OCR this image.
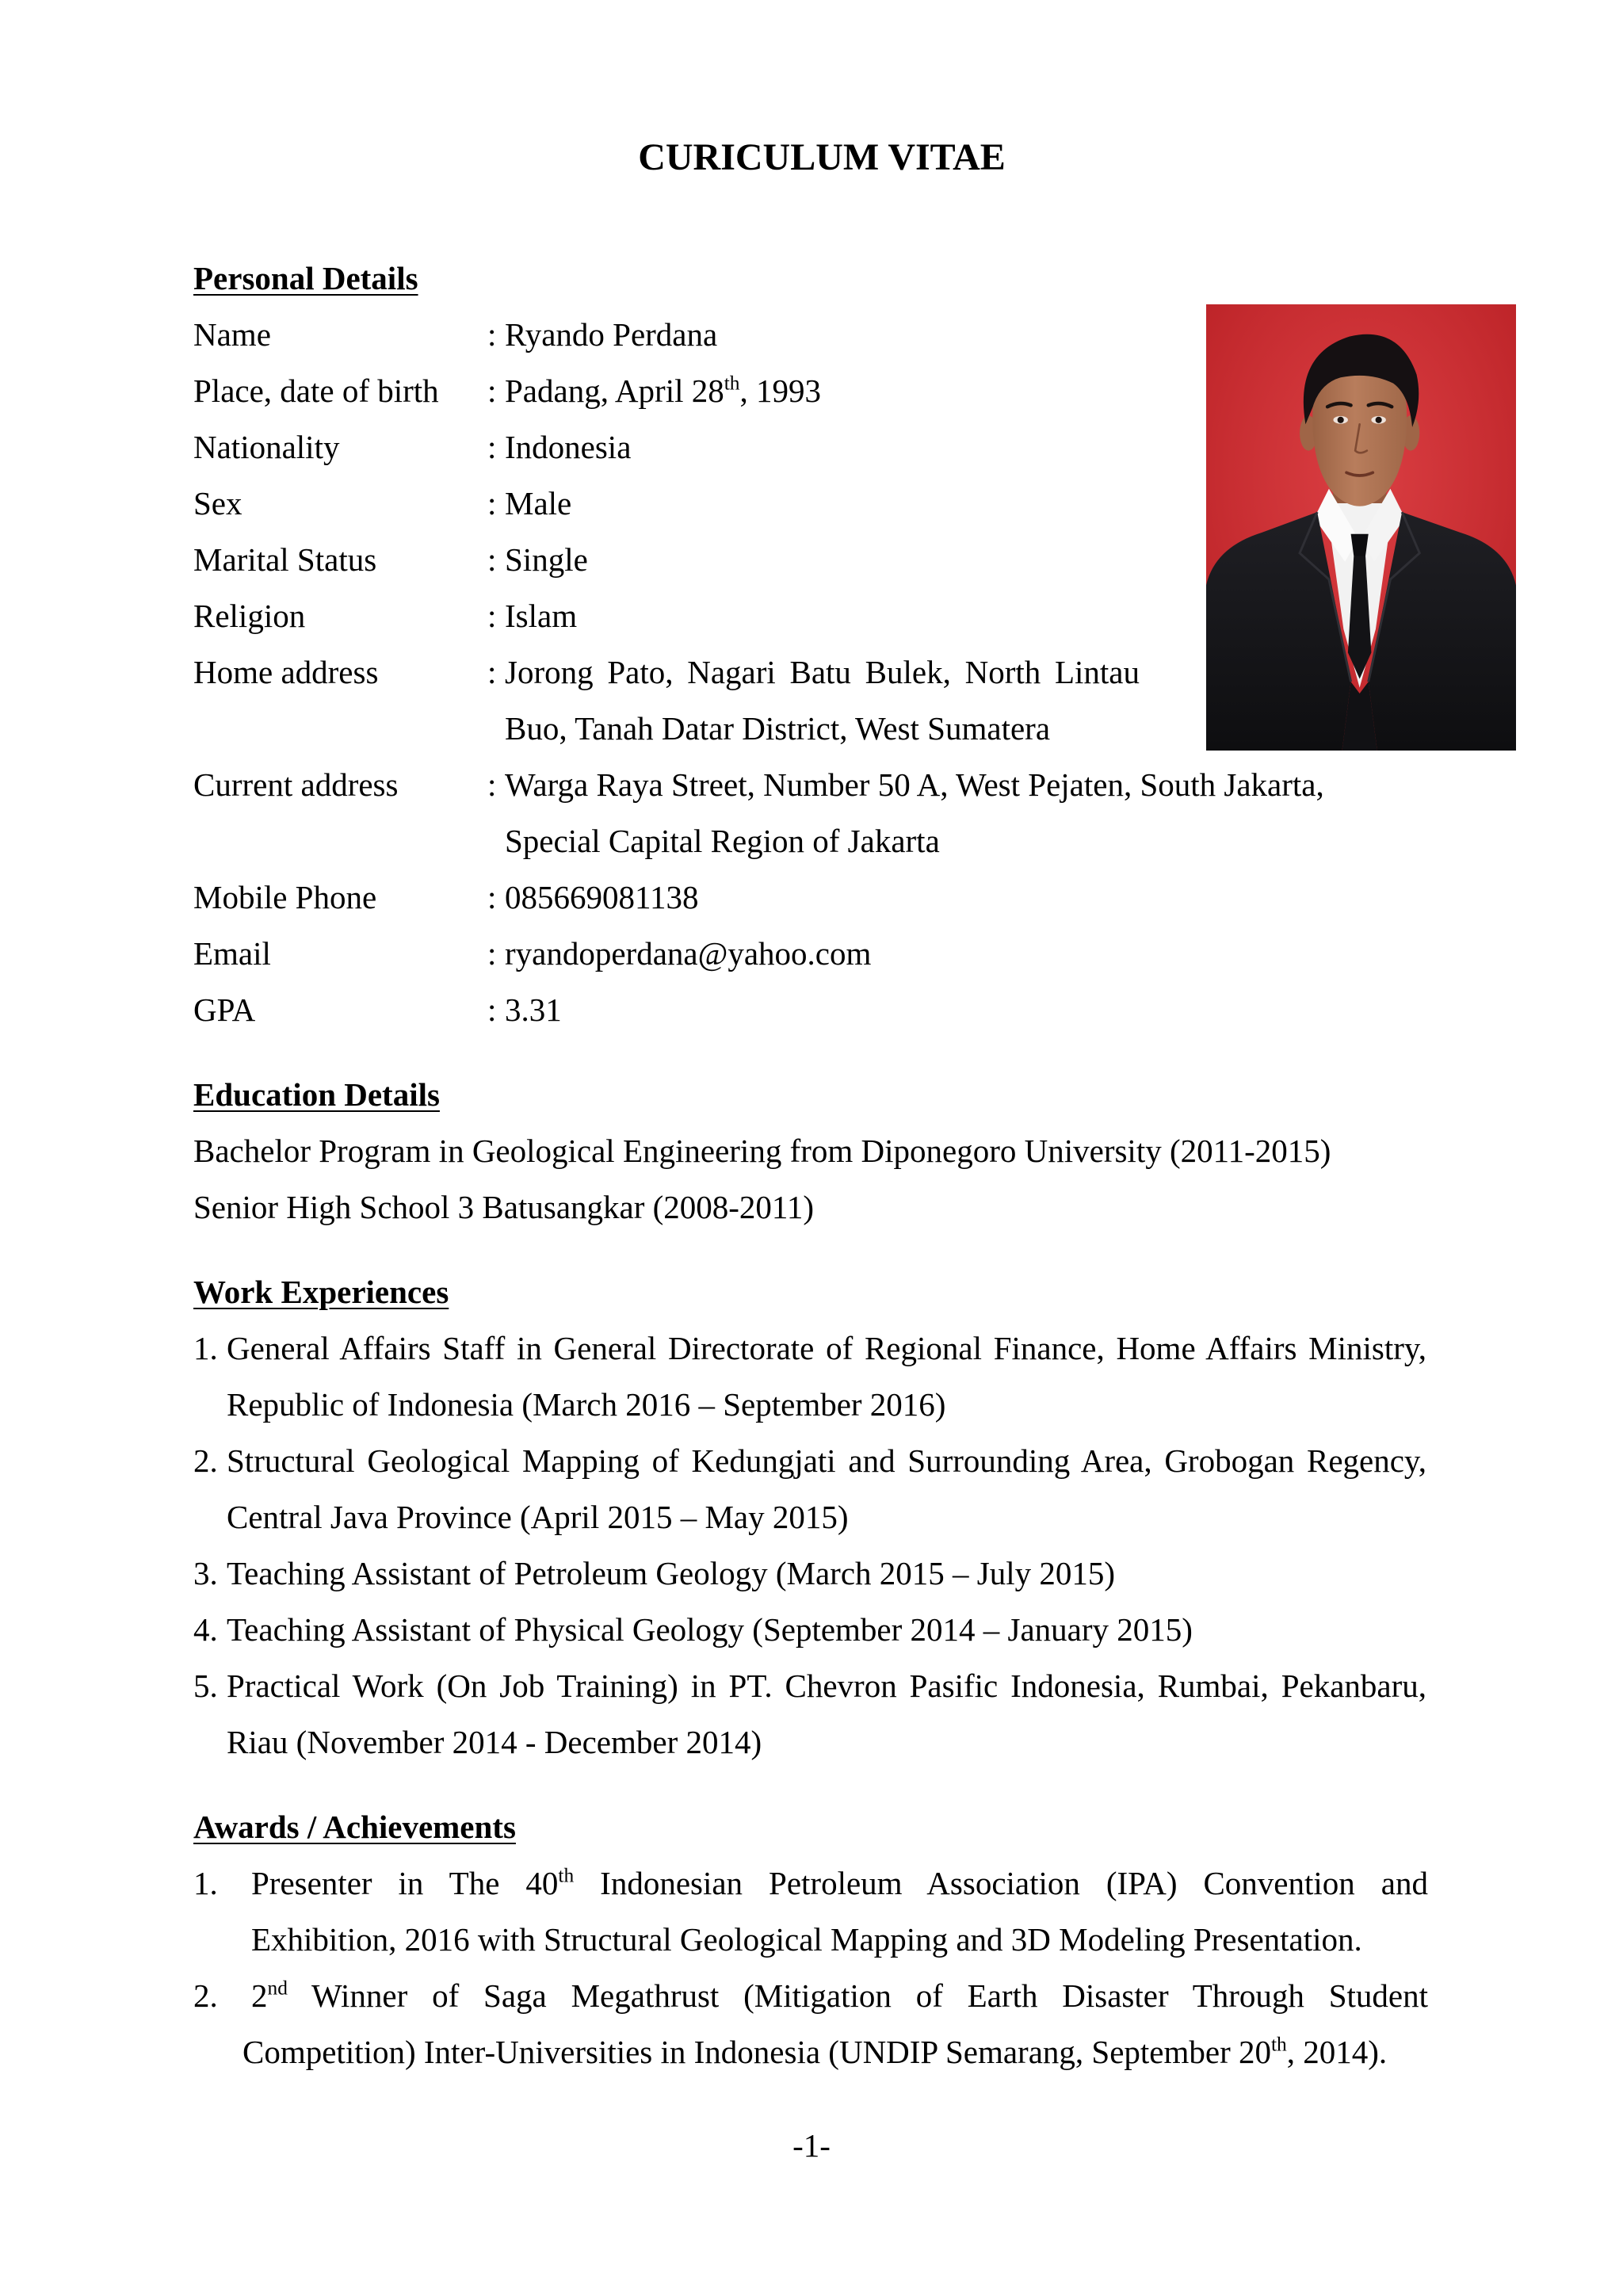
CURICULUM VITAE
Personal Details
Name	: Ryando Perdana
Place, date of birth	: Padang, April 28th, 1993
Nationality	: Indonesia
Sex	: Male
Marital Status	: Single
Religion	: Islam
Home address	: Jorong Pato, Nagari Batu Bulek, North Lintau
Buo, Tanah Datar District, West Sumatera
Current address	: Warga Raya Street, Number 50 A, West Pejaten, South Jakarta,
Special Capital Region of Jakarta
Mobile Phone	: 085669081138
Email	: ryandoperdana@yahoo.com
GPA	: 3.31
Education Details
Bachelor Program in Geological Engineering from Diponegoro University (2011-2015)
Senior High School 3 Batusangkar (2008-2011)
Work Experiences
1. General Affairs Staff in General Directorate of Regional Finance, Home Affairs Ministry,
Republic of Indonesia (March 2016 – September 2016)
2. Structural Geological Mapping of Kedungjati and Surrounding Area, Grobogan Regency,
Central Java Province (April 2015 – May 2015)
3. Teaching Assistant of Petroleum Geology (March 2015 – July 2015)
4. Teaching Assistant of Physical Geology (September 2014 – January 2015)
5. Practical Work (On Job Training) in PT. Chevron Pasific Indonesia, Rumbai, Pekanbaru,
Riau (November 2014 - December 2014)
Awards / Achievements
1.	Presenter in The 40th Indonesian Petroleum Association (IPA) Convention and
Exhibition, 2016 with Structural Geological Mapping and 3D Modeling Presentation.
2.	2nd Winner of Saga Megathrust (Mitigation of Earth Disaster Through Student
Competition) Inter-Universities in Indonesia (UNDIP Semarang, September 20th, 2014).
-1-
